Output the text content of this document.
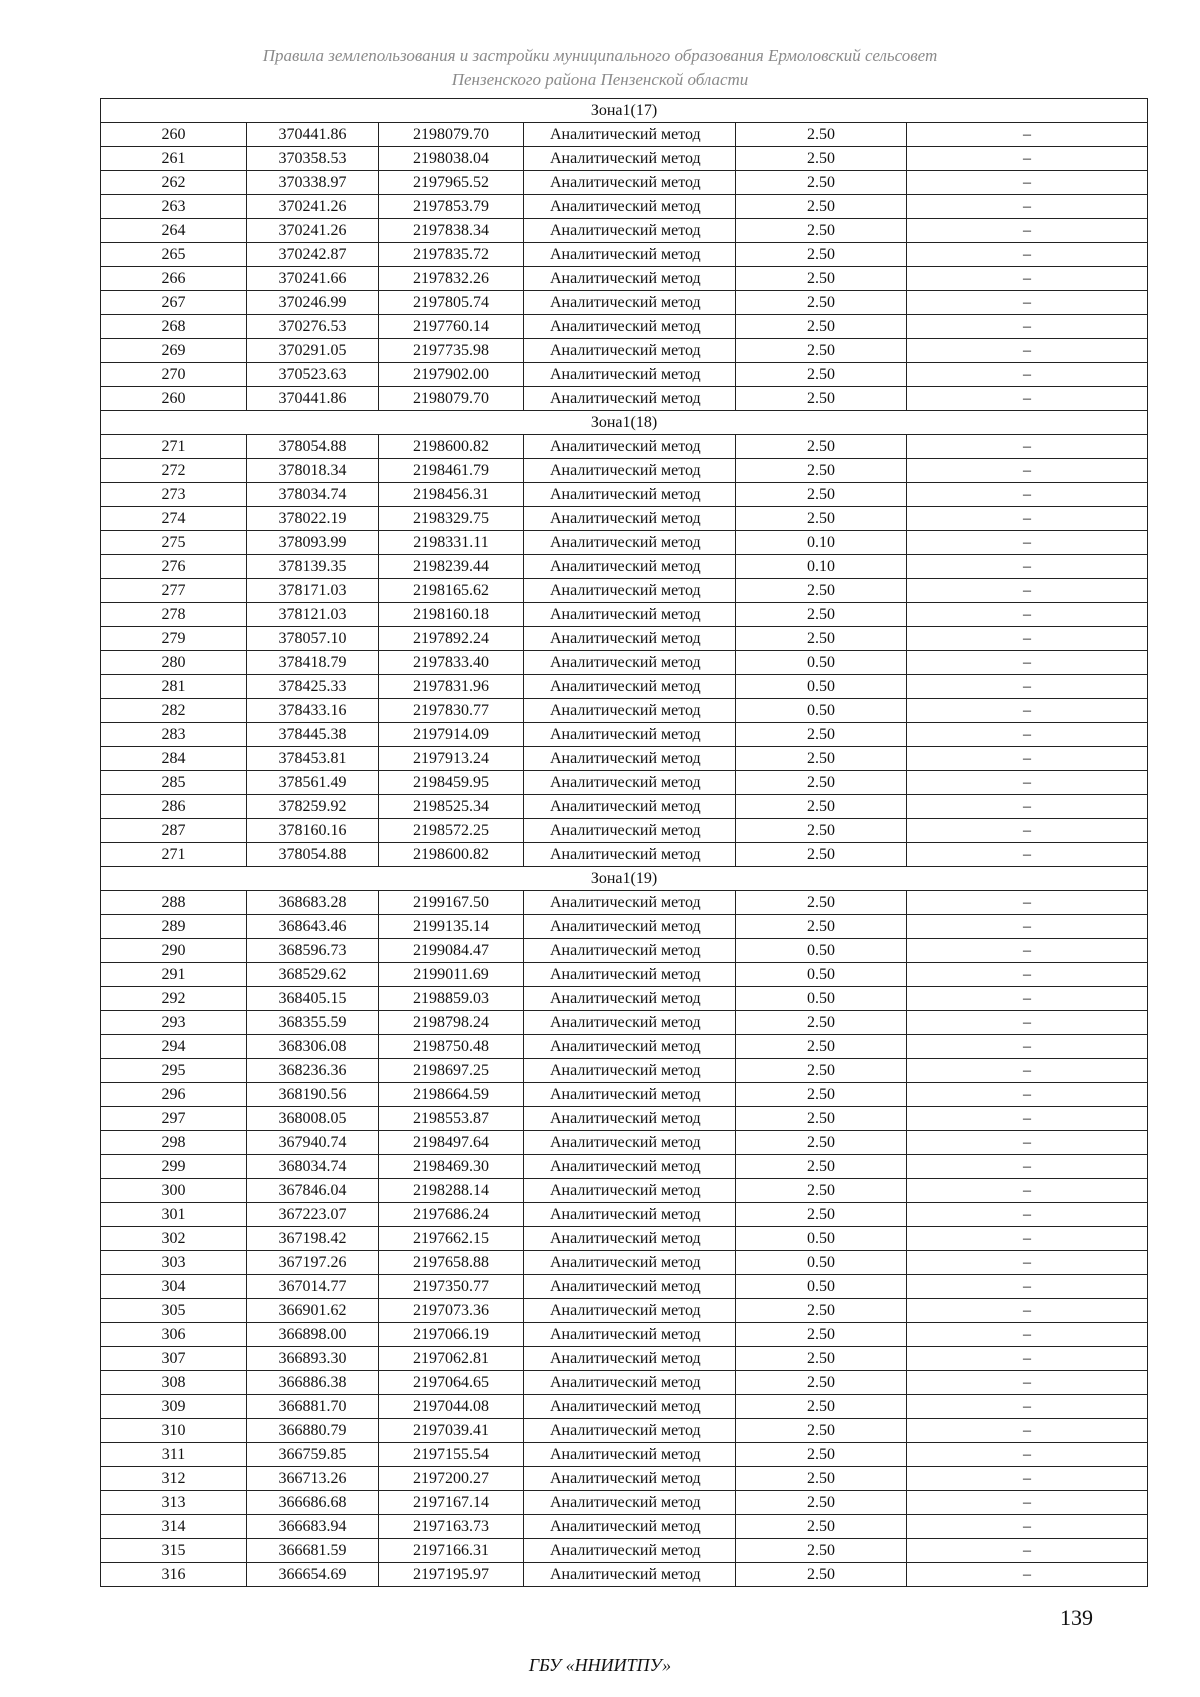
Правила землепользования и застройки муниципального образования Ермоловский сельсовет
Пензенского района Пензенской области
Зона1(17)					
260	370441.86	2198079.70	Аналитический метод	2.50	–
261	370358.53	2198038.04	Аналитический метод	2.50	–
262	370338.97	2197965.52	Аналитический метод	2.50	–
263	370241.26	2197853.79	Аналитический метод	2.50	–
264	370241.26	2197838.34	Аналитический метод	2.50	–
265	370242.87	2197835.72	Аналитический метод	2.50	–
266	370241.66	2197832.26	Аналитический метод	2.50	–
267	370246.99	2197805.74	Аналитический метод	2.50	–
268	370276.53	2197760.14	Аналитический метод	2.50	–
269	370291.05	2197735.98	Аналитический метод	2.50	–
270	370523.63	2197902.00	Аналитический метод	2.50	–
260	370441.86	2198079.70	Аналитический метод	2.50	–
Зона1(18)					
271	378054.88	2198600.82	Аналитический метод	2.50	–
272	378018.34	2198461.79	Аналитический метод	2.50	–
273	378034.74	2198456.31	Аналитический метод	2.50	–
274	378022.19	2198329.75	Аналитический метод	2.50	–
275	378093.99	2198331.11	Аналитический метод	0.10	–
276	378139.35	2198239.44	Аналитический метод	0.10	–
277	378171.03	2198165.62	Аналитический метод	2.50	–
278	378121.03	2198160.18	Аналитический метод	2.50	–
279	378057.10	2197892.24	Аналитический метод	2.50	–
280	378418.79	2197833.40	Аналитический метод	0.50	–
281	378425.33	2197831.96	Аналитический метод	0.50	–
282	378433.16	2197830.77	Аналитический метод	0.50	–
283	378445.38	2197914.09	Аналитический метод	2.50	–
284	378453.81	2197913.24	Аналитический метод	2.50	–
285	378561.49	2198459.95	Аналитический метод	2.50	–
286	378259.92	2198525.34	Аналитический метод	2.50	–
287	378160.16	2198572.25	Аналитический метод	2.50	–
271	378054.88	2198600.82	Аналитический метод	2.50	–
Зона1(19)					
288	368683.28	2199167.50	Аналитический метод	2.50	–
289	368643.46	2199135.14	Аналитический метод	2.50	–
290	368596.73	2199084.47	Аналитический метод	0.50	–
291	368529.62	2199011.69	Аналитический метод	0.50	–
292	368405.15	2198859.03	Аналитический метод	0.50	–
293	368355.59	2198798.24	Аналитический метод	2.50	–
294	368306.08	2198750.48	Аналитический метод	2.50	–
295	368236.36	2198697.25	Аналитический метод	2.50	–
296	368190.56	2198664.59	Аналитический метод	2.50	–
297	368008.05	2198553.87	Аналитический метод	2.50	–
298	367940.74	2198497.64	Аналитический метод	2.50	–
299	368034.74	2198469.30	Аналитический метод	2.50	–
300	367846.04	2198288.14	Аналитический метод	2.50	–
301	367223.07	2197686.24	Аналитический метод	2.50	–
302	367198.42	2197662.15	Аналитический метод	0.50	–
303	367197.26	2197658.88	Аналитический метод	0.50	–
304	367014.77	2197350.77	Аналитический метод	0.50	–
305	366901.62	2197073.36	Аналитический метод	2.50	–
306	366898.00	2197066.19	Аналитический метод	2.50	–
307	366893.30	2197062.81	Аналитический метод	2.50	–
308	366886.38	2197064.65	Аналитический метод	2.50	–
309	366881.70	2197044.08	Аналитический метод	2.50	–
310	366880.79	2197039.41	Аналитический метод	2.50	–
311	366759.85	2197155.54	Аналитический метод	2.50	–
312	366713.26	2197200.27	Аналитический метод	2.50	–
313	366686.68	2197167.14	Аналитический метод	2.50	–
314	366683.94	2197163.73	Аналитический метод	2.50	–
315	366681.59	2197166.31	Аналитический метод	2.50	–
316	366654.69	2197195.97	Аналитический метод	2.50	–
139
ГБУ «ННИИТПУ»
